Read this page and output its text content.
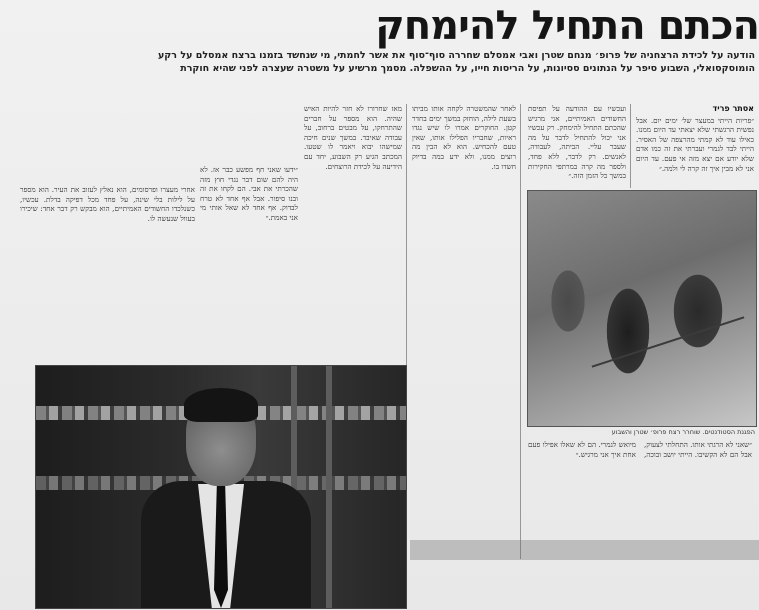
הכתם התחיל להימחק
הודעה על לכידת הרצחניה של פרופ׳ מנחם שטרן ואבי אמסלם שחררה סוף־סוף את אשר לחמתי, מי שנחשד בזמנו ברצח אמסלם על רקע הומוסקסואלי, השבוע סיפר על הנתונים ססיונות, על הריסות חייו, על ההשפלה. מסמך מרשיע על משטרה שעצרה לפני שהיא חוקרת
אסתר פריד
״פריות הייתי במעצר של׳ ימים יום. אבל נפשית הרגשתי שלא יצאתי עד היום ממנו. כאילו עוד לא קמתי מהרצפה של האסיר. הייתי לבד לגמרי ועברתי את זה כמו אדם שלא יודע אם יצא מזה אי פעם. עד היום אני לא מבין איך זה קרה לי ולמה.״
ועכשיו עם ההודעה על תפיסת החשודים האמיתיים, אני מרגיש שהכתם התחיל להימחק. רק עכשיו אני יכול להתחיל לדבר על מה שעבר עליי. הביתה, לעבודה, לאנשים. רק לדבר, ללא פחד, ולספר מה קרה במרתפי החקירות במשך כל הזמן הזה.״
לאחר שהמשטרה לקחה אותו מביתו בשעת לילה, הוחזק במשך ימים בחדר קטן. החוקרים אמרו לו שיש נגדו ראיות, שחבריו הפלילו אותו, שאין טעם להכחיש. הוא לא הבין מה רוצים ממנו, ולא ידע במה בדיוק חשדו בו.
מאז שחרורו לא חזר להיות האיש שהיה. הוא מספר על חברים שהתרחקו, על מבטים ברחוב, על עבודה שאיבד. במשך שנים חיכה שמישהו יבוא ויאמר לו שטעו. המכתב הגיע רק השבוע, יחד עם הידיעה על לכידת הרוצחים.
״ידעו שאני חף מפשע כבר אז. לא היה להם שום דבר נגדי חוץ מזה שהכרתי את אבי. הם לקחו את זה ובנו סיפור. אבל אף אחד לא טרח לבדוק. אף אחד לא שאל אותי מי אני באמת.״
אחרי מעצרו ופרסומים, הוא נאלץ לעזוב את העיר. הוא מספר על לילות בלי שינה, על פחד מכל דפיקה בדלת. עכשיו, כשנלכדו החשודים האמיתיים, הוא מבקש רק דבר אחד: שיכירו בעוול שנעשה לו.
הפגנת הסטודנטים. שוחרר רצח פרופ׳ שטרן והשבוע
״שאני לא הרגתי אותו. התחלתי לצעוק, אבל הם לא הקשיבו. הייתי יושב ובוכה, מיואש לגמרי. הם לא שאלו אפילו פעם אחת איך אני מרגיש.״
